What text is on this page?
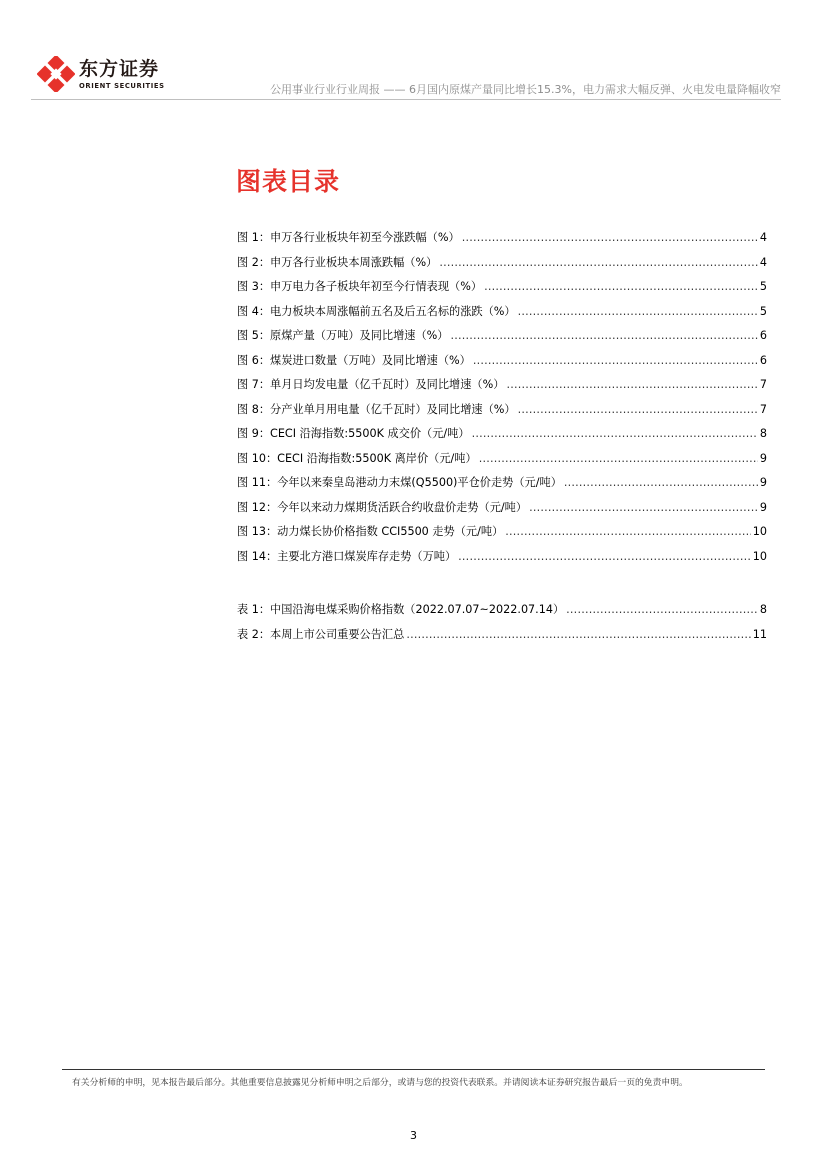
东方证券
ORIENT SECURITIES	公用事业行业行业周报 —— 6月国内原煤产量同比增长15.3%，电力需求大幅反弹、火电发电量降幅收窄
图表目录
图 1：申万各行业板块年初至今涨跌幅（%） .....	4
图 2：申万各行业板块本周涨跌幅（%） .....	4
图 3：申万电力各子板块年初至今行情表现（%） .....	5
图 4：电力板块本周涨幅前五名及后五名标的涨跌（%） .....	5
图 5：原煤产量（万吨）及同比增速（%） .....	6
图 6：煤炭进口数量（万吨）及同比增速（%） .....	6
图 7：单月日均发电量（亿千瓦时）及同比增速（%） .....	7
图 8：分产业单月用电量（亿千瓦时）及同比增速（%） .....	7
图 9：CECI 沿海指数:5500K 成交价（元/吨） .....	8
图 10：CECI 沿海指数:5500K 离岸价（元/吨） .....	9
图 11：今年以来秦皇岛港动力末煤(Q5500)平仓价走势（元/吨） .....	9
图 12：今年以来动力煤期货活跃合约收盘价走势（元/吨） .....	9
图 13：动力煤长协价格指数 CCI5500 走势（元/吨） .....	10
图 14：主要北方港口煤炭库存走势（万吨） .....	10
表 1：中国沿海电煤采购价格指数（2022.07.07~2022.07.14） .....	8
表 2：本周上市公司重要公告汇总 .....	11
有关分析师的申明，见本报告最后部分。其他重要信息披露见分析师申明之后部分，或请与您的投资代表联系。并请阅读本证券研究报告最后一页的免责申明。
3
